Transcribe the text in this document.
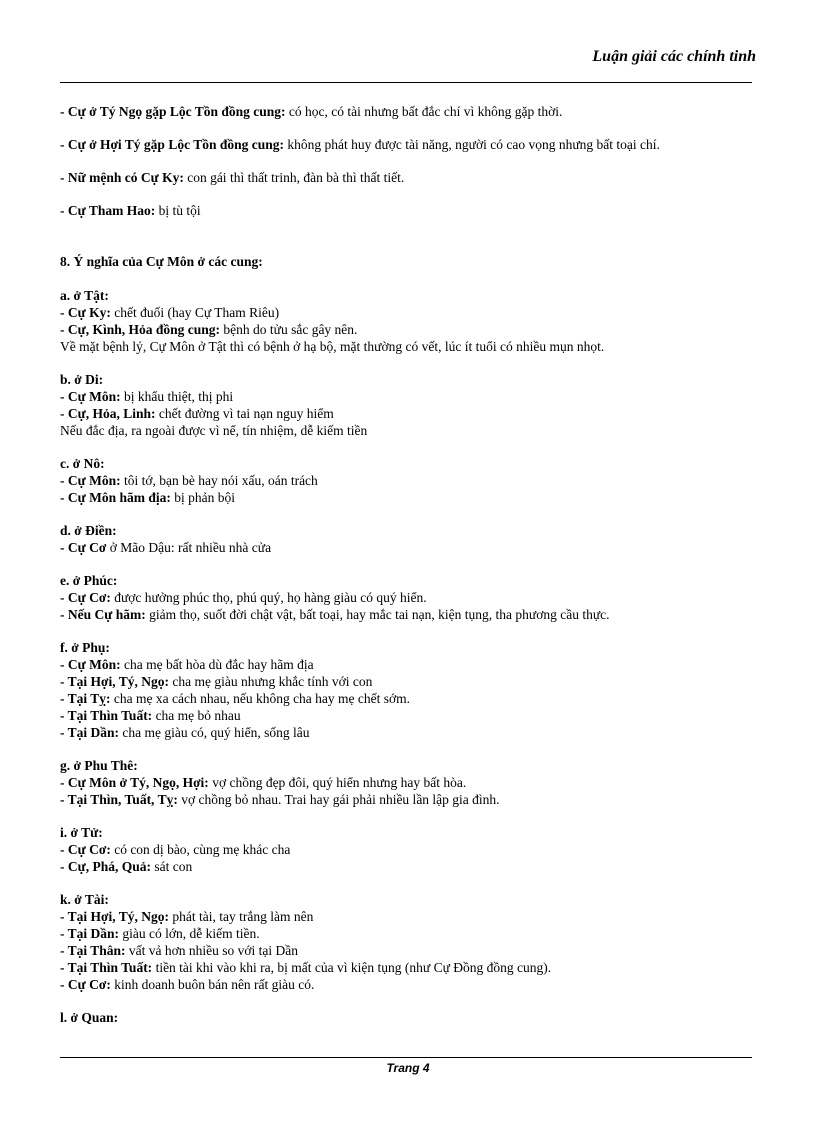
Luận giải các chính tinh
- Cự ở Tý Ngọ gặp Lộc Tồn đồng cung: có học, có tài nhưng bất đắc chí vì không gặp thời.
- Cự ở Hợi Tý gặp Lộc Tồn đồng cung: không phát huy được tài năng, người có cao vọng nhưng bất toại chí.
- Nữ mệnh có Cự Ky: con gái thì thất trinh, đàn bà thì thất tiết.
- Cự Tham Hao: bị tù tội
8. Ý nghĩa của Cự Môn ở các cung:
a. ở Tật:
- Cự Ky: chết đuối (hay Cự Tham Riêu)
- Cự, Kình, Hỏa đồng cung: bệnh do tửu sắc gây nên.
Về mặt bệnh lý, Cự Môn ở Tật thì có bệnh ở hạ bộ, mặt thường có vết, lúc ít tuổi có nhiều mụn nhọt.
b. ở Di:
- Cự Môn: bị khẩu thiệt, thị phi
- Cự, Hỏa, Linh: chết đường vì tai nạn nguy hiểm
Nếu đắc địa, ra ngoài được vì nể, tín nhiệm, dễ kiếm tiền
c. ở Nô:
- Cự Môn: tôi tớ, bạn bè hay nói xấu, oán trách
- Cự Môn hãm địa: bị phản bội
d. ở Điền:
- Cự Cơ ở Mão Dậu: rất nhiều nhà cửa
e. ở Phúc:
- Cự Cơ: được hưởng phúc thọ, phú quý, họ hàng giàu có quý hiển.
- Nếu Cự hãm: giảm thọ, suốt đời chật vật, bất toại, hay mắc tai nạn, kiện tụng, tha phương cầu thực.
f. ở Phụ:
- Cự Môn: cha mẹ bất hòa dù đắc hay hãm địa
- Tại Hợi, Tý, Ngọ: cha mẹ giàu nhưng khắc tính với con
- Tại Tỵ: cha mẹ xa cách nhau, nếu không cha hay mẹ chết sớm.
- Tại Thìn Tuất: cha mẹ bỏ nhau
- Tại Dần: cha mẹ giàu có, quý hiển, sống lâu
g. ở Phu Thê:
- Cự Môn ở Tý, Ngọ, Hợi: vợ chồng đẹp đôi, quý hiển nhưng hay bất hòa.
- Tại Thìn, Tuất, Tỵ: vợ chồng bỏ nhau. Trai hay gái phải nhiều lần lập gia đình.
i. ở Tử:
- Cự Cơ: có con dị bào, cùng mẹ khác cha
- Cự, Phá, Quả: sát con
k. ở Tài:
- Tại Hợi, Tý, Ngọ: phát tài, tay trắng làm nên
- Tại Dần: giàu có lớn, dễ kiếm tiền.
- Tại Thân: vất vả hơn nhiều so với tại Dần
- Tại Thìn Tuất: tiền tài khi vào khi ra, bị mất của vì kiện tụng (như Cự Đồng đồng cung).
- Cự Cơ: kinh doanh buôn bán nên rất giàu có.
l. ở Quan:
Trang 4
